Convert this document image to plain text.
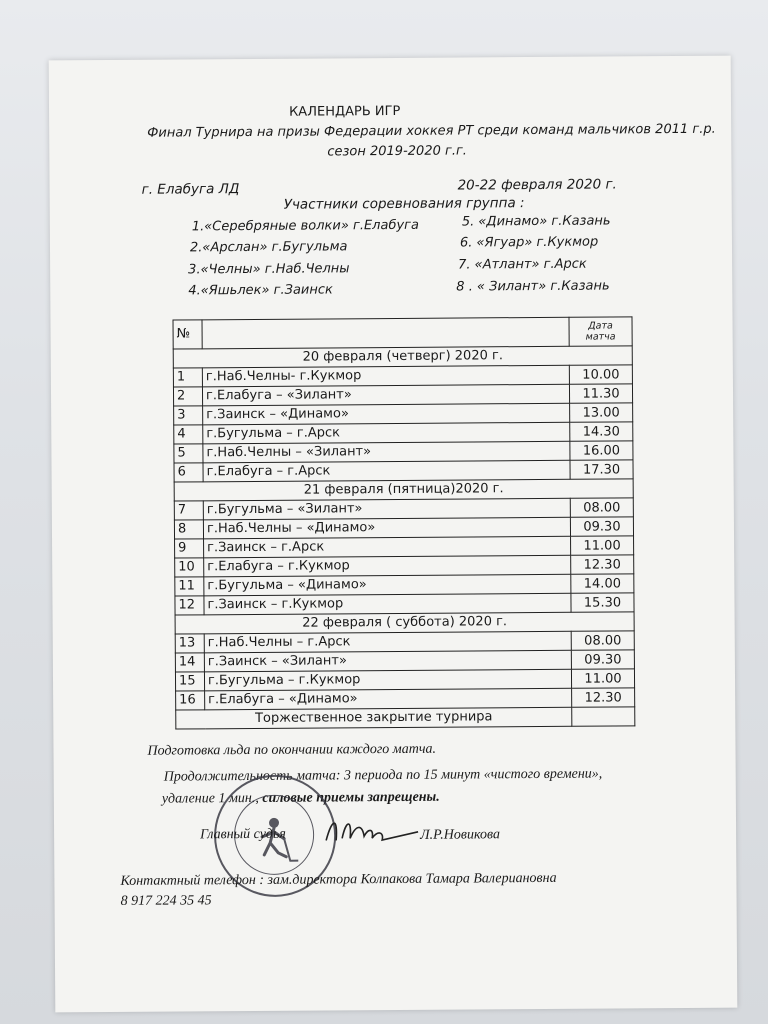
КАЛЕНДАРЬ ИГР
Финал Турнира на призы Федерации хоккея РТ среди команд мальчиков 2011 г.р.
сезон 2019-2020 г.г.
г. Елабуга ЛД	20-22 февраля 2020 г.
Участники соревнования группа :
1.«Серебряные волки» г.Елабуга
2.«Арслан» г.Бугульма
3.«Челны» г.Наб.Челны
4.«Яшьлек» г.Заинск
5. «Динамо» г.Казань
6. «Ягуар» г.Кукмор
7. «Атлант» г.Арск
8 . « Зилант» г.Казань
№		Дата матча
20 февраля (четверг) 2020 г.		
1	г.Наб.Челны- г.Кукмор	10.00
2	г.Елабуга – «Зилант»	11.30
3	г.Заинск – «Динамо»	13.00
4	г.Бугульма – г.Арск	14.30
5	г.Наб.Челны – «Зилант»	16.00
6	г.Елабуга – г.Арск	17.30
21 февраля (пятница)2020 г.		
7	г.Бугульма – «Зилант»	08.00
8	г.Наб.Челны – «Динамо»	09.30
9	г.Заинск – г.Арск	11.00
10	г.Елабуга – г.Кукмор	12.30
11	г.Бугульма – «Динамо»	14.00
12	г.Заинск – г.Кукмор	15.30
22 февраля ( суббота) 2020 г.		
13	г.Наб.Челны – г.Арск	08.00
14	г.Заинск – «Зилант»	09.30
15	г.Бугульма – г.Кукмор	11.00
16	г.Елабуга – «Динамо»	12.30
Торжественное закрытие турнира		
Подготовка льда по окончании каждого матча.
Продолжительность матча: 3 периода по 15 минут «чистого времени»,
удаление 1 мин., силовые приемы запрещены.
Главный судья	Л.Р.Новикова
Контактный телефон : зам.директора Колпакова Тамара Валериановна
8 917 224 35 45
